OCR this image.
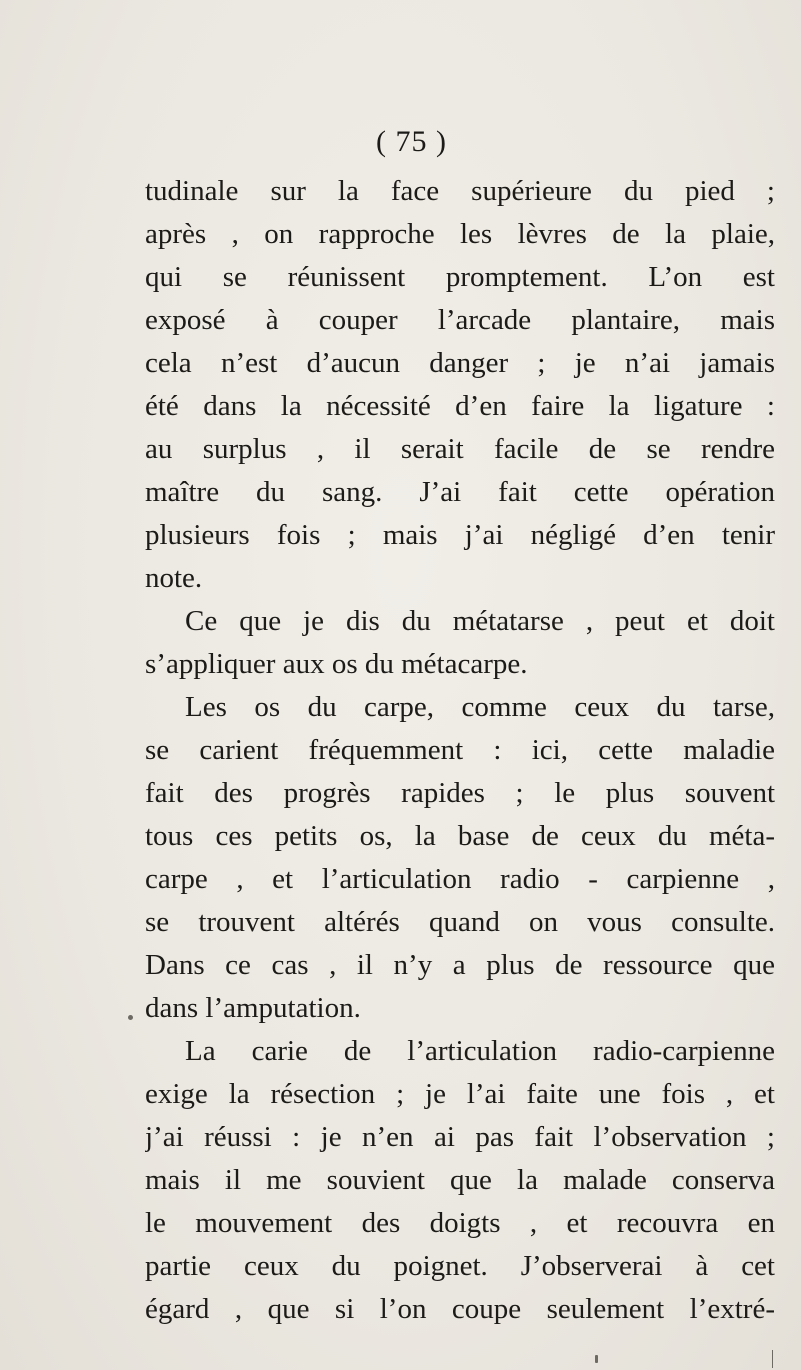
( 75 )
tudinale sur la face supérieure du pied ;
après , on rapproche les lèvres de la plaie,
qui se réunissent promptement. L’on est
exposé à couper l’arcade plantaire, mais
cela n’est d’aucun danger ; je n’ai jamais
été dans la nécessité d’en faire la ligature :
au surplus , il serait facile de se rendre
maître du sang. J’ai fait cette opération
plusieurs fois ; mais j’ai négligé d’en tenir
note.
Ce que je dis du métatarse , peut et doit
s’appliquer aux os du métacarpe.
Les os du carpe, comme ceux du tarse,
se carient fréquemment : ici, cette maladie
fait des progrès rapides ; le plus souvent
tous ces petits os, la base de ceux du méta-
carpe , et l’articulation radio - carpienne ,
se trouvent altérés quand on vous consulte.
Dans ce cas , il n’y a plus de ressource que
dans l’amputation.
La carie de l’articulation radio-carpienne
exige la résection ; je l’ai faite une fois , et
j’ai réussi : je n’en ai pas fait l’observation ;
mais il me souvient que la malade conserva
le mouvement des doigts , et recouvra en
partie ceux du poignet. J’observerai à cet
égard , que si l’on coupe seulement l’extré-
